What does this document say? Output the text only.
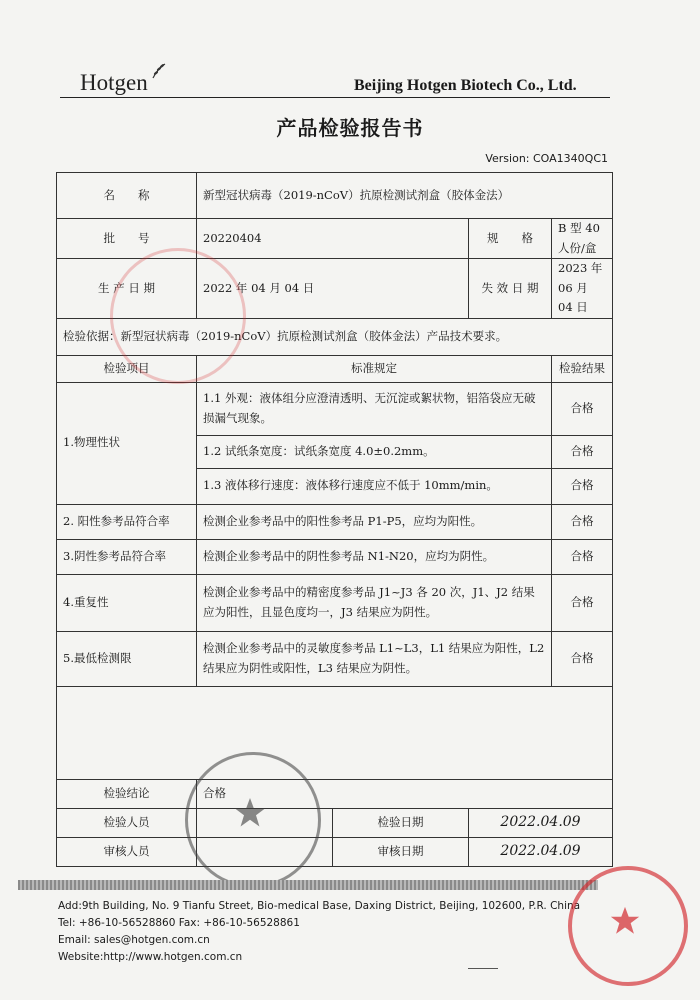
Hotgen	Beijing Hotgen Biotech Co., Ltd.
产品检验报告书
Version: COA1340QC1
名　　称	新型冠状病毒（2019-nCoV）抗原检测试剂盒（胶体金法）			
批　　号	20220404		规　　格	B 型 40 人份/盒
生 产 日 期	2022 年 04 月 04 日		失 效 日 期	2023 年 06 月 04 日
检验依据：新型冠状病毒（2019-nCoV）抗原检测试剂盒（胶体金法）产品技术要求。				
检验项目	标准规定			检验结果
1.物理性状	1.1 外观：液体组分应澄清透明、无沉淀或絮状物，铝箔袋应无破损漏气现象。			合格
	1.2 试纸条宽度：试纸条宽度 4.0±0.2mm。			合格
	1.3 液体移行速度：液体移行速度应不低于 10mm/min。			合格
2. 阳性参考品符合率	检测企业参考品中的阳性参考品 P1-P5，应均为阳性。			合格
3.阴性参考品符合率	检测企业参考品中的阴性参考品 N1-N20，应均为阴性。			合格
4.重复性	检测企业参考品中的精密度参考品 J1~J3 各 20 次，J1、J2 结果应为阳性，且显色度均一，J3 结果应为阴性。			合格
5.最低检测限	检测企业参考品中的灵敏度参考品 L1~L3，L1 结果应为阳性，L2 结果应为阴性或阳性，L3 结果应为阴性。			合格

检验结论	合格			
检验人员		检验日期	2022.04.09	
审核人员		审核日期	2022.04.09	
Add:9th Building, No. 9 Tianfu Street, Bio-medical Base, Daxing District, Beijing, 102600, P.R. China
Tel: +86-10-56528860 Fax: +86-10-56528861
Email: sales@hotgen.com.cn
Website:http://www.hotgen.com.cn
